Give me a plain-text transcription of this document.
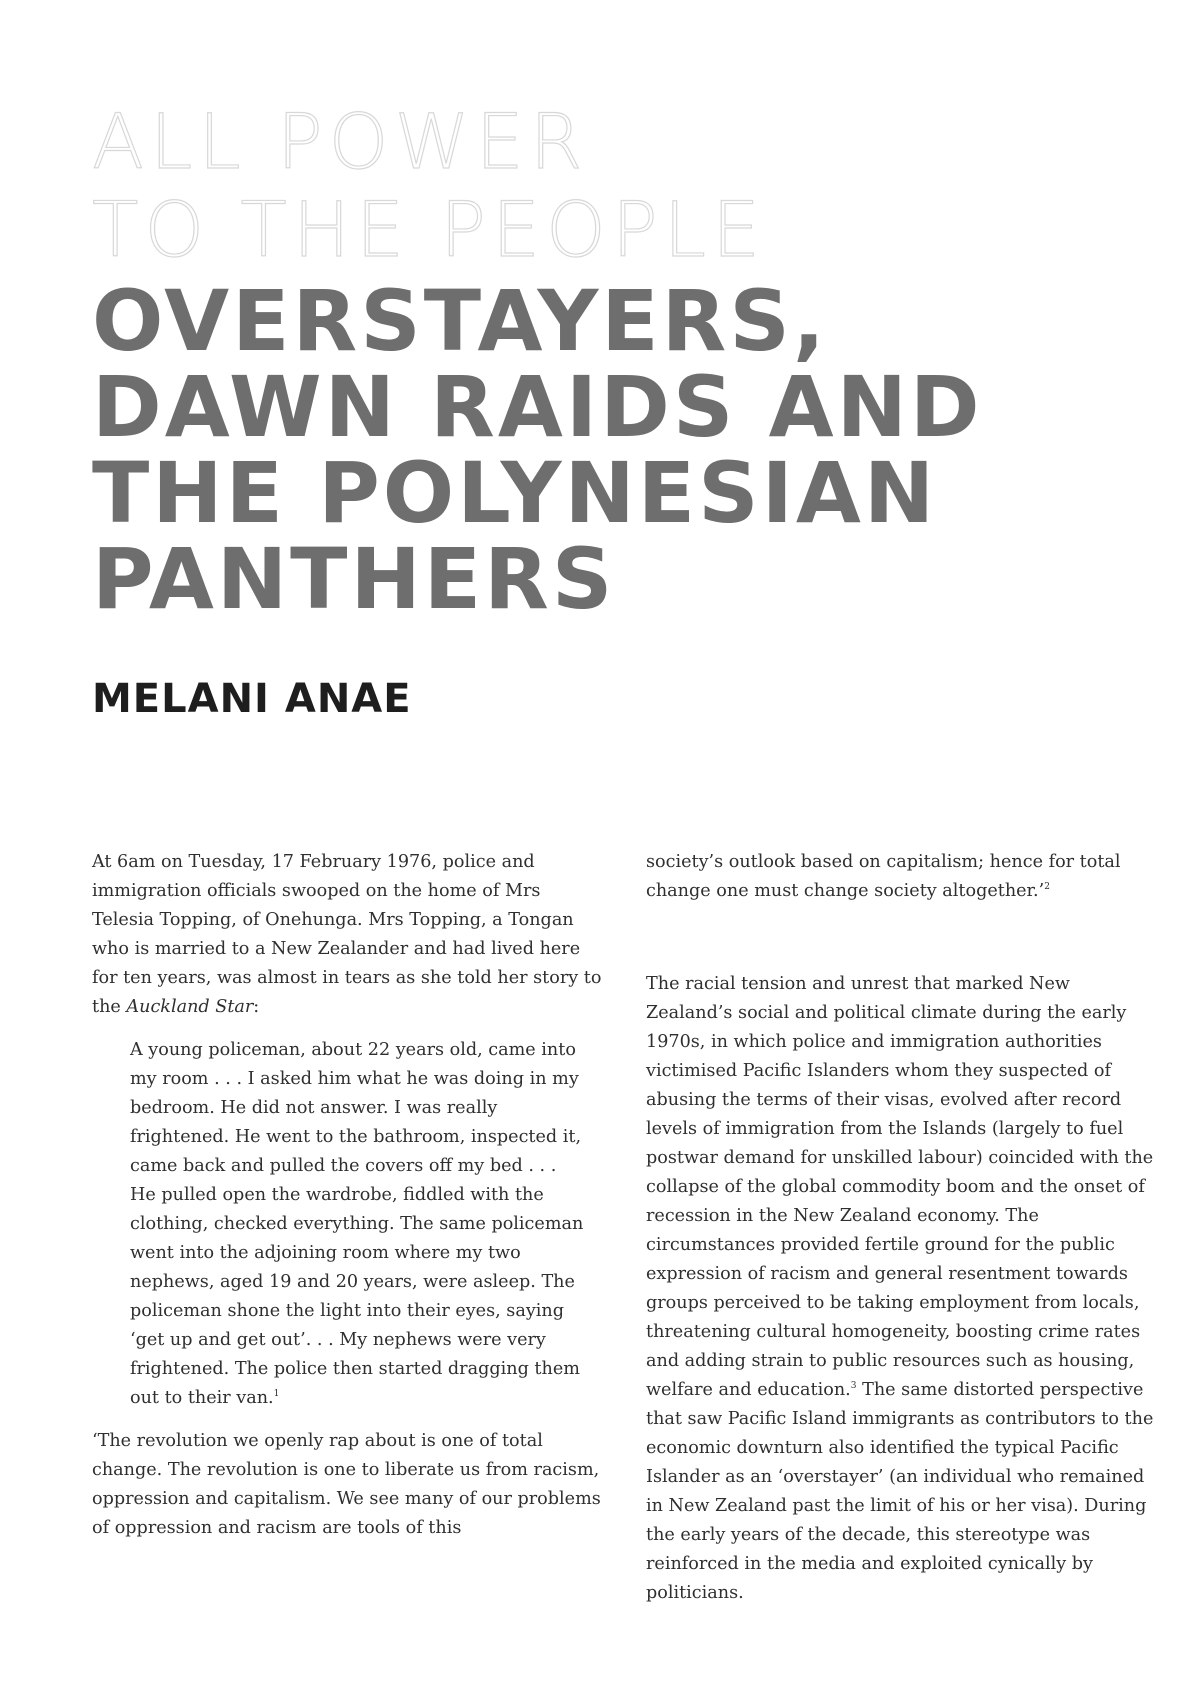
ALL POWER
TO THE PEOPLE
OVERSTAYERS,
DAWN RAIDS AND
THE POLYNESIAN
PANTHERS
MELANI ANAE

At 6am on Tuesday, 17 February 1976, police and immigration officials swooped on the home of Mrs Telesia Topping, of Onehunga. Mrs Topping, a Tongan who is married to a New Zealander and had lived here for ten years, was almost in tears as she told her story to the Auckland Star:

A young policeman, about 22 years old, came into my room . . . I asked him what he was doing in my bedroom. He did not answer. I was really frightened. He went to the bathroom, inspected it, came back and pulled the covers off my bed . . . He pulled open the wardrobe, fiddled with the clothing, checked everything. The same policeman went into the adjoining room where my two nephews, aged 19 and 20 years, were asleep. The policeman shone the light into their eyes, saying ‘get up and get out’. . . My nephews were very frightened. The police then started dragging them out to their van.$^1$

‘The revolution we openly rap about is one of total change. The revolution is one to liberate us from racism, oppression and capitalism. We see many of our problems of oppression and racism are tools of this

society’s outlook based on capitalism; hence for total change one must change society altogether.’$^2$

The racial tension and unrest that marked New Zealand’s social and political climate during the early 1970s, in which police and immigration authorities victimised Pacific Islanders whom they suspected of abusing the terms of their visas, evolved after record levels of immigration from the Islands (largely to fuel postwar demand for unskilled labour) coincided with the collapse of the global commodity boom and the onset of recession in the New Zealand economy. The circumstances provided fertile ground for the public expression of racism and general resentment towards groups perceived to be taking employment from locals, threatening cultural homogeneity, boosting crime rates and adding strain to public resources such as housing, welfare and education.$^3$ The same distorted perspective that saw Pacific Island immigrants as contributors to the economic downturn also identified the typical Pacific Islander as an ‘overstayer’ (an individual who remained in New Zealand past the limit of his or her visa). During the early years of the decade, this stereotype was reinforced in the media and exploited cynically by politicians.
